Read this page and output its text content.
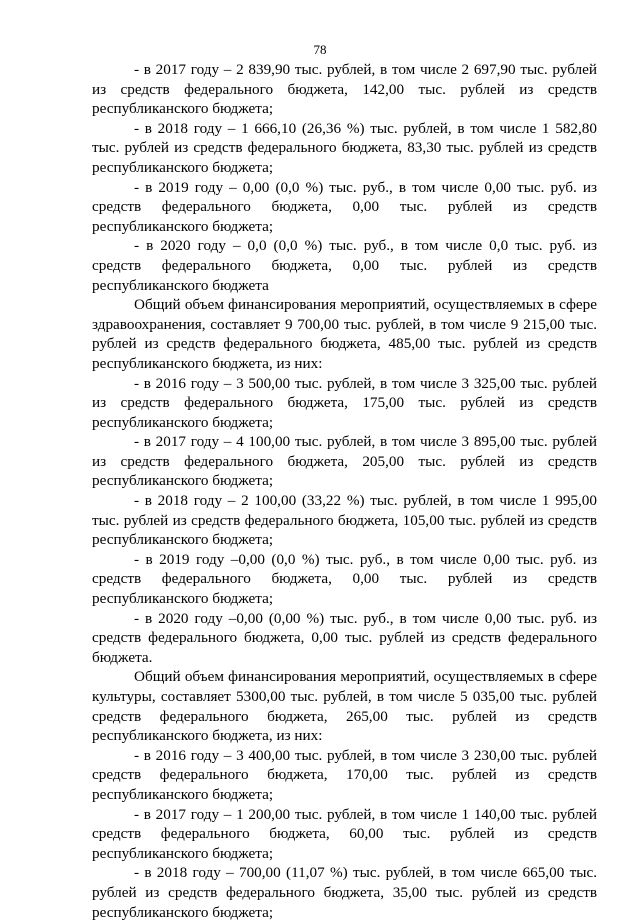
78

- в 2017 году – 2 839,90 тыс. рублей, в том числе 2 697,90 тыс. рублей из средств федерального бюджета, 142,00 тыс. рублей из средств республиканского бюджета;

- в 2018 году – 1 666,10 (26,36 %) тыс. рублей, в том числе 1 582,80 тыс. рублей из средств федерального бюджета, 83,30 тыс. рублей из средств республиканского бюджета;

- в 2019 году – 0,00 (0,0 %) тыс. руб., в том числе 0,00 тыс. руб. из средств федерального бюджета, 0,00 тыс. рублей из средств республиканского бюджета;

- в 2020 году – 0,0 (0,0 %) тыс. руб., в том числе 0,0 тыс. руб. из средств федерального бюджета, 0,00 тыс. рублей из средств республиканского бюджета

Общий объем финансирования мероприятий, осуществляемых в сфере здравоохранения, составляет 9 700,00 тыс. рублей, в том числе 9 215,00 тыс. рублей из средств федерального бюджета, 485,00 тыс. рублей из средств республиканского бюджета, из них:

- в 2016 году – 3 500,00 тыс. рублей, в том числе 3 325,00 тыс. рублей из средств федерального бюджета, 175,00 тыс. рублей из средств республиканского бюджета;

- в 2017 году – 4 100,00 тыс. рублей, в том числе 3 895,00 тыс. рублей из средств федерального бюджета, 205,00 тыс. рублей из средств республиканского бюджета;

- в 2018 году – 2 100,00 (33,22 %) тыс. рублей, в том числе 1 995,00 тыс. рублей из средств федерального бюджета, 105,00 тыс. рублей из средств республиканского бюджета;

- в 2019 году –0,00 (0,0 %) тыс. руб., в том числе 0,00 тыс. руб. из средств федерального бюджета, 0,00 тыс. рублей из средств республиканского бюджета;

- в 2020 году –0,00 (0,00 %) тыс. руб., в том числе 0,00 тыс. руб. из средств федерального бюджета, 0,00 тыс. рублей из средств федерального бюджета.

Общий объем финансирования мероприятий, осуществляемых в сфере культуры, составляет 5300,00 тыс. рублей, в том числе 5 035,00 тыс. рублей средств федерального бюджета, 265,00 тыс. рублей из средств республиканского бюджета, из них:

- в 2016 году – 3 400,00 тыс. рублей, в том числе 3 230,00 тыс. рублей средств федерального бюджета, 170,00 тыс. рублей из средств республиканского бюджета;

- в 2017 году – 1 200,00 тыс. рублей, в том числе 1 140,00 тыс. рублей средств федерального бюджета, 60,00 тыс. рублей из средств республиканского бюджета;

- в 2018 году – 700,00 (11,07 %) тыс. рублей, в том числе 665,00 тыс. рублей из средств федерального бюджета, 35,00 тыс. рублей из средств республиканского бюджета;
